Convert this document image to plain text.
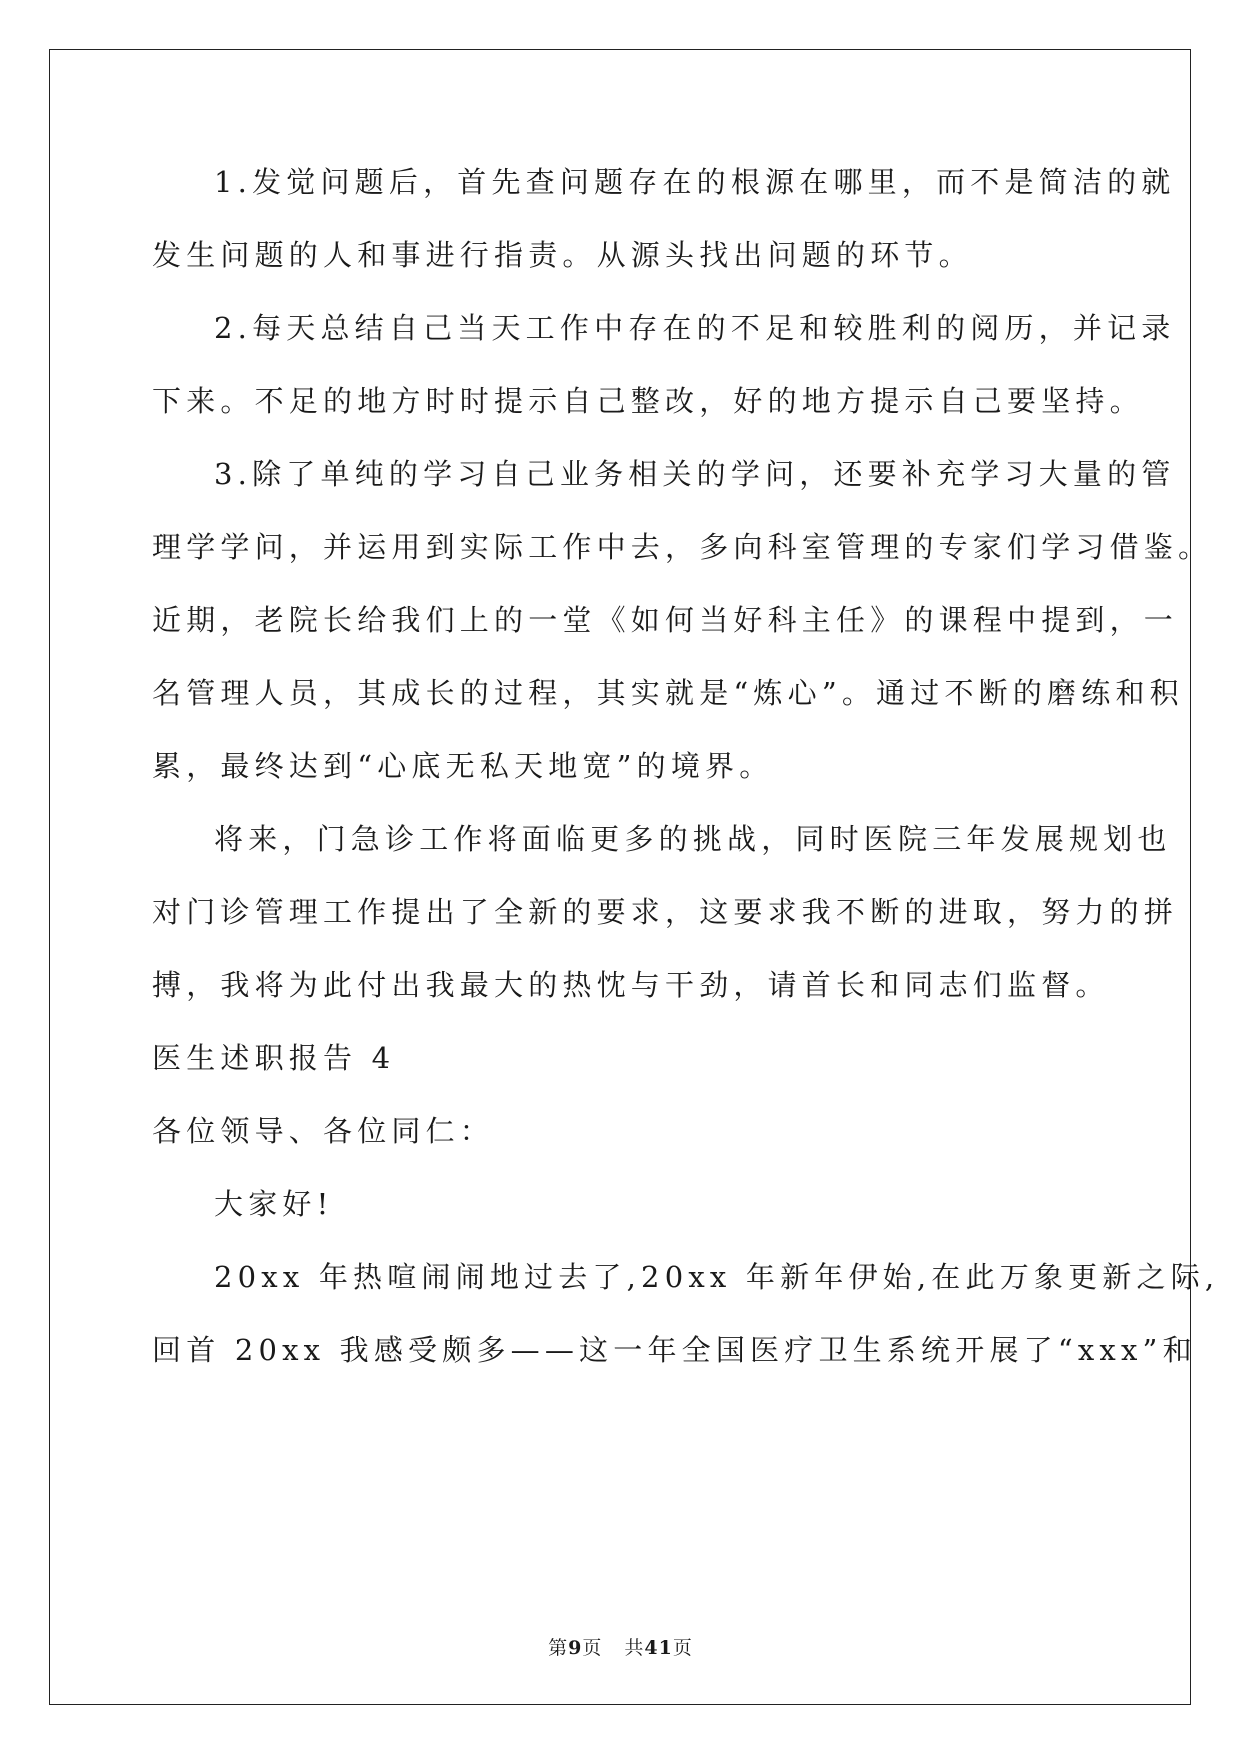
1.发觉问题后，首先查问题存在的根源在哪里，而不是简洁的就
发生问题的人和事进行指责。从源头找出问题的环节。
2.每天总结自己当天工作中存在的不足和较胜利的阅历，并记录
下来。不足的地方时时提示自己整改，好的地方提示自己要坚持。
3.除了单纯的学习自己业务相关的学问，还要补充学习大量的管
理学学问，并运用到实际工作中去，多向科室管理的专家们学习借鉴。
近期，老院长给我们上的一堂《如何当好科主任》的课程中提到，一
名管理人员，其成长的过程，其实就是“炼心”。通过不断的磨练和积
累，最终达到“心底无私天地宽”的境界。
将来，门急诊工作将面临更多的挑战，同时医院三年发展规划也
对门诊管理工作提出了全新的要求，这要求我不断的进取，努力的拼
搏，我将为此付出我最大的热忱与干劲，请首长和同志们监督。
医生述职报告 4
各位领导、各位同仁：
大家好!
20xx 年热喧闹闹地过去了,20xx 年新年伊始,在此万象更新之际,
回首 20xx 我感受颇多——这一年全国医疗卫生系统开展了“xxx”和
第9页 共41页
